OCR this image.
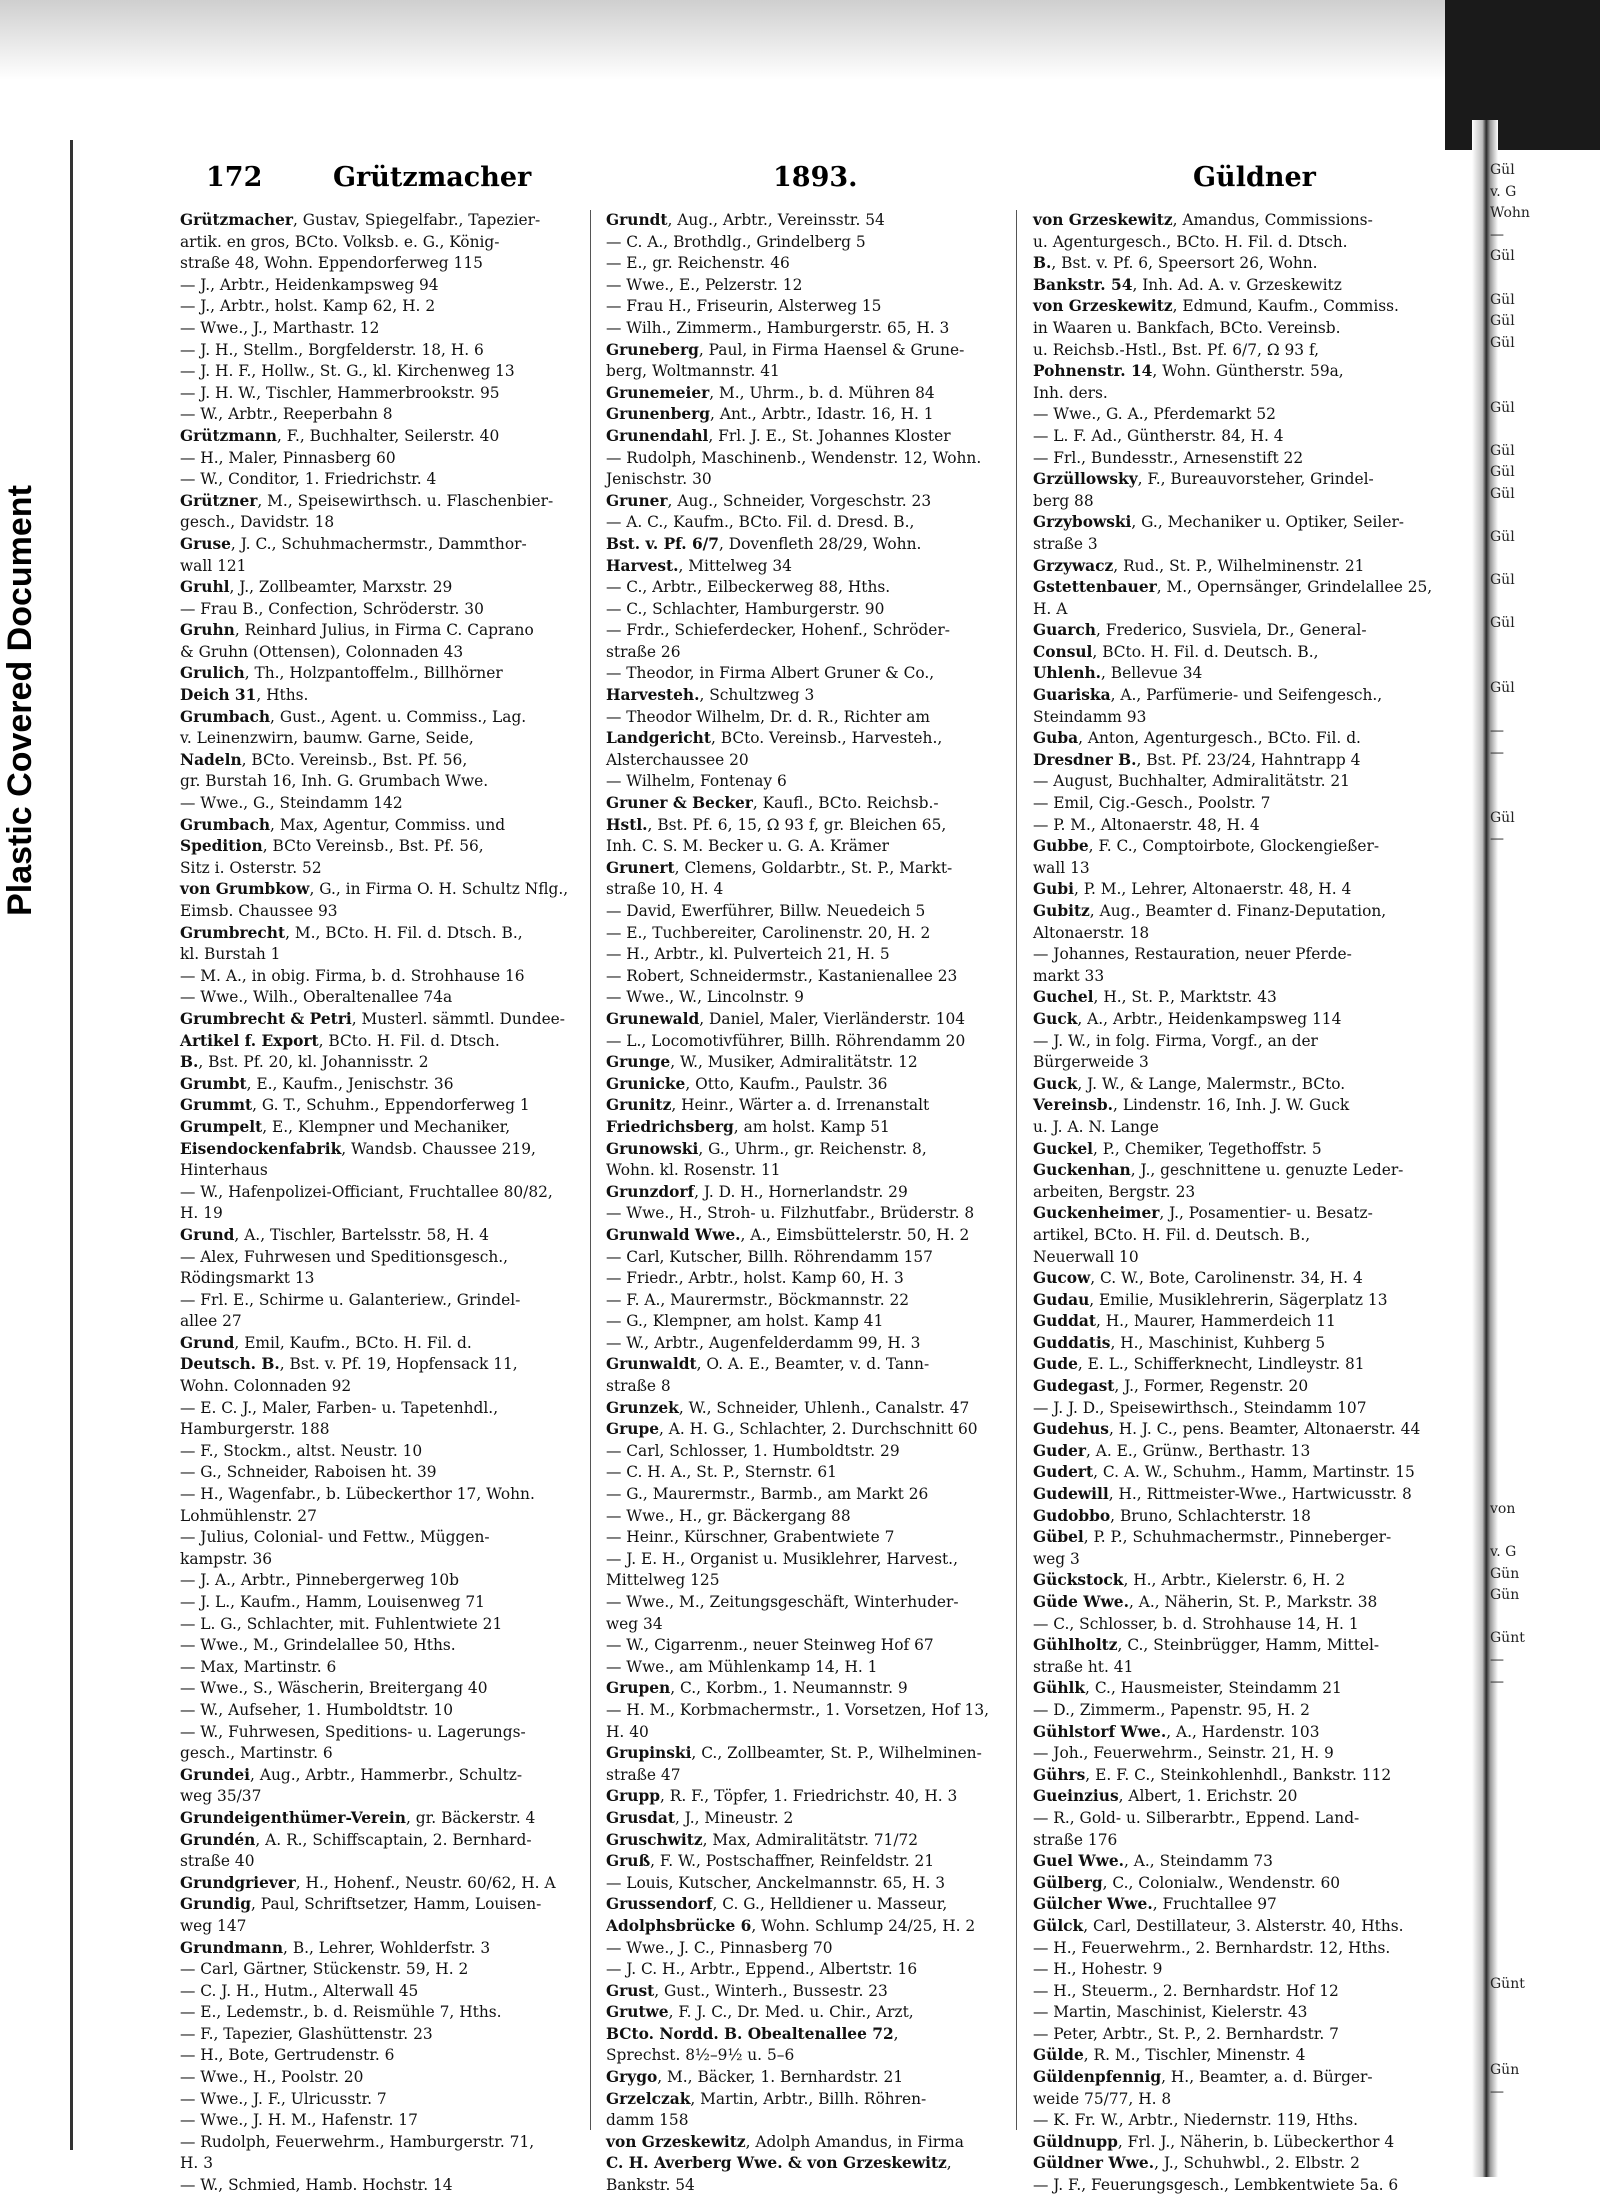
Plastic Covered Document
172	Grützmacher	1893.	Güldner
Grützmacher, Gustav, Spiegelfabr., Tapezier-
artik. en gros, BCto. Volksb. e. G., König-
straße 48, Wohn. Eppendorferweg 115
— J., Arbtr., Heidenkampsweg 94
— J., Arbtr., holst. Kamp 62, H. 2
— Wwe., J., Marthastr. 12
— J. H., Stellm., Borgfelderstr. 18, H. 6
— J. H. F., Hollw., St. G., kl. Kirchenweg 13
— J. H. W., Tischler, Hammerbrookstr. 95
— W., Arbtr., Reeperbahn 8
Grützmann, F., Buchhalter, Seilerstr. 40
— H., Maler, Pinnasberg 60
— W., Conditor, 1. Friedrichstr. 4
Grützner, M., Speisewirthsch. u. Flaschenbier-
gesch., Davidstr. 18
Gruse, J. C., Schuhmachermstr., Dammthor-
wall 121
Gruhl, J., Zollbeamter, Marxstr. 29
— Frau B., Confection, Schröderstr. 30
Gruhn, Reinhard Julius, in Firma C. Caprano
& Gruhn (Ottensen), Colonnaden 43
Grulich, Th., Holzpantoffelm., Billhörner
Deich 31, Hths.
Grumbach, Gust., Agent. u. Commiss., Lag.
v. Leinenzwirn, baumw. Garne, Seide,
Nadeln, BCto. Vereinsb., Bst. Pf. 56,
gr. Burstah 16, Inh. G. Grumbach Wwe.
— Wwe., G., Steindamm 142
Grumbach, Max, Agentur, Commiss. und
Spedition, BCto Vereinsb., Bst. Pf. 56,
Sitz i. Osterstr. 52
von Grumbkow, G., in Firma O. H. Schultz Nflg.,
Eimsb. Chaussee 93
Grumbrecht, M., BCto. H. Fil. d. Dtsch. B.,
kl. Burstah 1
— M. A., in obig. Firma, b. d. Strohhause 16
— Wwe., Wilh., Oberaltenallee 74a
Grumbrecht & Petri, Musterl. sämmtl. Dundee-
Artikel f. Export, BCto. H. Fil. d. Dtsch.
B., Bst. Pf. 20, kl. Johannisstr. 2
Grumbt, E., Kaufm., Jenischstr. 36
Grummt, G. T., Schuhm., Eppendorferweg 1
Grumpelt, E., Klempner und Mechaniker,
Eisendockenfabrik, Wandsb. Chaussee 219,
Hinterhaus
— W., Hafenpolizei-Officiant, Fruchtallee 80/82,
H. 19
Grund, A., Tischler, Bartelsstr. 58, H. 4
— Alex, Fuhrwesen und Speditionsgesch.,
Rödingsmarkt 13
— Frl. E., Schirme u. Galanteriew., Grindel-
allee 27
Grund, Emil, Kaufm., BCto. H. Fil. d.
Deutsch. B., Bst. v. Pf. 19, Hopfensack 11,
Wohn. Colonnaden 92
— E. C. J., Maler, Farben- u. Tapetenhdl.,
Hamburgerstr. 188
— F., Stockm., altst. Neustr. 10
— G., Schneider, Raboisen ht. 39
— H., Wagenfabr., b. Lübeckerthor 17, Wohn.
Lohmühlenstr. 27
— Julius, Colonial- und Fettw., Müggen-
kampstr. 36
— J. A., Arbtr., Pinnebergerweg 10b
— J. L., Kaufm., Hamm, Louisenweg 71
— L. G., Schlachter, mit. Fuhlentwiete 21
— Wwe., M., Grindelallee 50, Hths.
— Max, Martinstr. 6
— Wwe., S., Wäscherin, Breitergang 40
— W., Aufseher, 1. Humboldtstr. 10
— W., Fuhrwesen, Speditions- u. Lagerungs-
gesch., Martinstr. 6
Grundei, Aug., Arbtr., Hammerbr., Schultz-
weg 35/37
Grundeigenthümer-Verein, gr. Bäckerstr. 4
Grundén, A. R., Schiffscaptain, 2. Bernhard-
straße 40
Grundgriever, H., Hohenf., Neustr. 60/62, H. A
Grundig, Paul, Schriftsetzer, Hamm, Louisen-
weg 147
Grundmann, B., Lehrer, Wohlderfstr. 3
— Carl, Gärtner, Stückenstr. 59, H. 2
— C. J. H., Hutm., Alterwall 45
— E., Ledemstr., b. d. Reismühle 7, Hths.
— F., Tapezier, Glashüttenstr. 23
— H., Bote, Gertrudenstr. 6
— Wwe., H., Poolstr. 20
— Wwe., J. F., Ulricusstr. 7
— Wwe., J. H. M., Hafenstr. 17
— Rudolph, Feuerwehrm., Hamburgerstr. 71,
H. 3
— W., Schmied, Hamb. Hochstr. 14
Grundt, Aug., Arbtr., Vereinsstr. 54
— C. A., Brothdlg., Grindelberg 5
— E., gr. Reichenstr. 46
— Wwe., E., Pelzerstr. 12
— Frau H., Friseurin, Alsterweg 15
— Wilh., Zimmerm., Hamburgerstr. 65, H. 3
Gruneberg, Paul, in Firma Haensel & Grune-
berg, Woltmannstr. 41
Grunemeier, M., Uhrm., b. d. Mühren 84
Grunenberg, Ant., Arbtr., Idastr. 16, H. 1
Grunendahl, Frl. J. E., St. Johannes Kloster
— Rudolph, Maschinenb., Wendenstr. 12, Wohn.
Jenischstr. 30
Gruner, Aug., Schneider, Vorgeschstr. 23
— A. C., Kaufm., BCto. Fil. d. Dresd. B.,
Bst. v. Pf. 6/7, Dovenfleth 28/29, Wohn.
Harvest., Mittelweg 34
— C., Arbtr., Eilbeckerweg 88, Hths.
— C., Schlachter, Hamburgerstr. 90
— Frdr., Schieferdecker, Hohenf., Schröder-
straße 26
— Theodor, in Firma Albert Gruner & Co.,
Harvesteh., Schultzweg 3
— Theodor Wilhelm, Dr. d. R., Richter am
Landgericht, BCto. Vereinsb., Harvesteh.,
Alsterchaussee 20
— Wilhelm, Fontenay 6
Gruner & Becker, Kaufl., BCto. Reichsb.-
Hstl., Bst. Pf. 6, 15, Ω 93 f, gr. Bleichen 65,
Inh. C. S. M. Becker u. G. A. Krämer
Grunert, Clemens, Goldarbtr., St. P., Markt-
straße 10, H. 4
— David, Ewerführer, Billw. Neuedeich 5
— E., Tuchbereiter, Carolinenstr. 20, H. 2
— H., Arbtr., kl. Pulverteich 21, H. 5
— Robert, Schneidermstr., Kastanienallee 23
— Wwe., W., Lincolnstr. 9
Grunewald, Daniel, Maler, Vierländerstr. 104
— L., Locomotivführer, Billh. Röhrendamm 20
Grunge, W., Musiker, Admiralitätstr. 12
Grunicke, Otto, Kaufm., Paulstr. 36
Grunitz, Heinr., Wärter a. d. Irrenanstalt
Friedrichsberg, am holst. Kamp 51
Grunowski, G., Uhrm., gr. Reichenstr. 8,
Wohn. kl. Rosenstr. 11
Grunzdorf, J. D. H., Hornerlandstr. 29
— Wwe., H., Stroh- u. Filzhutfabr., Brüderstr. 8
Grunwald Wwe., A., Eimsbüttelerstr. 50, H. 2
— Carl, Kutscher, Billh. Röhrendamm 157
— Friedr., Arbtr., holst. Kamp 60, H. 3
— F. A., Maurermstr., Böckmannstr. 22
— G., Klempner, am holst. Kamp 41
— W., Arbtr., Augenfelderdamm 99, H. 3
Grunwaldt, O. A. E., Beamter, v. d. Tann-
straße 8
Grunzek, W., Schneider, Uhlenh., Canalstr. 47
Grupe, A. H. G., Schlachter, 2. Durchschnitt 60
— Carl, Schlosser, 1. Humboldtstr. 29
— C. H. A., St. P., Sternstr. 61
— G., Maurermstr., Barmb., am Markt 26
— Wwe., H., gr. Bäckergang 88
— Heinr., Kürschner, Grabentwiete 7
— J. E. H., Organist u. Musiklehrer, Harvest.,
Mittelweg 125
— Wwe., M., Zeitungsgeschäft, Winterhuder-
weg 34
— W., Cigarrenm., neuer Steinweg Hof 67
— Wwe., am Mühlenkamp 14, H. 1
Grupen, C., Korbm., 1. Neumannstr. 9
— H. M., Korbmachermstr., 1. Vorsetzen, Hof 13,
H. 40
Grupinski, C., Zollbeamter, St. P., Wilhelminen-
straße 47
Grupp, R. F., Töpfer, 1. Friedrichstr. 40, H. 3
Grusdat, J., Mineustr. 2
Gruschwitz, Max, Admiralitätstr. 71/72
Gruß, F. W., Postschaffner, Reinfeldstr. 21
— Louis, Kutscher, Anckelmannstr. 65, H. 3
Grussendorf, C. G., Helldiener u. Masseur,
Adolphsbrücke 6, Wohn. Schlump 24/25, H. 2
— Wwe., J. C., Pinnasberg 70
— J. C. H., Arbtr., Eppend., Albertstr. 16
Grust, Gust., Winterh., Bussestr. 23
Grutwe, F. J. C., Dr. Med. u. Chir., Arzt,
BCto. Nordd. B. Obealtenallee 72,
Sprechst. 8½–9½ u. 5–6
Grygo, M., Bäcker, 1. Bernhardstr. 21
Grzelczak, Martin, Arbtr., Billh. Röhren-
damm 158
von Grzeskewitz, Adolph Amandus, in Firma
C. H. Averberg Wwe. & von Grzeskewitz,
Bankstr. 54
von Grzeskewitz, Amandus, Commissions-
u. Agenturgesch., BCto. H. Fil. d. Dtsch.
B., Bst. v. Pf. 6, Speersort 26, Wohn.
Bankstr. 54, Inh. Ad. A. v. Grzeskewitz
von Grzeskewitz, Edmund, Kaufm., Commiss.
in Waaren u. Bankfach, BCto. Vereinsb.
u. Reichsb.-Hstl., Bst. Pf. 6/7, Ω 93 f,
Pohnenstr. 14, Wohn. Güntherstr. 59a,
Inh. ders.
— Wwe., G. A., Pferdemarkt 52
— L. F. Ad., Güntherstr. 84, H. 4
— Frl., Bundesstr., Arnesenstift 22
Grzüllowsky, F., Bureauvorsteher, Grindel-
berg 88
Grzybowski, G., Mechaniker u. Optiker, Seiler-
straße 3
Grzywacz, Rud., St. P., Wilhelminenstr. 21
Gstettenbauer, M., Opernsänger, Grindelallee 25,
H. A
Guarch, Frederico, Susviela, Dr., General-
Consul, BCto. H. Fil. d. Deutsch. B.,
Uhlenh., Bellevue 34
Guariska, A., Parfümerie- und Seifengesch.,
Steindamm 93
Guba, Anton, Agenturgesch., BCto. Fil. d.
Dresdner B., Bst. Pf. 23/24, Hahntrapp 4
— August, Buchhalter, Admiralitätstr. 21
— Emil, Cig.-Gesch., Poolstr. 7
— P. M., Altonaerstr. 48, H. 4
Gubbe, F. C., Comptoirbote, Glockengießer-
wall 13
Gubi, P. M., Lehrer, Altonaerstr. 48, H. 4
Gubitz, Aug., Beamter d. Finanz-Deputation,
Altonaerstr. 18
— Johannes, Restauration, neuer Pferde-
markt 33
Guchel, H., St. P., Marktstr. 43
Guck, A., Arbtr., Heidenkampsweg 114
— J. W., in folg. Firma, Vorgf., an der
Bürgerweide 3
Guck, J. W., & Lange, Malermstr., BCto.
Vereinsb., Lindenstr. 16, Inh. J. W. Guck
u. J. A. N. Lange
Guckel, P., Chemiker, Tegethoffstr. 5
Guckenhan, J., geschnittene u. genuzte Leder-
arbeiten, Bergstr. 23
Guckenheimer, J., Posamentier- u. Besatz-
artikel, BCto. H. Fil. d. Deutsch. B.,
Neuerwall 10
Gucow, C. W., Bote, Carolinenstr. 34, H. 4
Gudau, Emilie, Musiklehrerin, Sägerplatz 13
Guddat, H., Maurer, Hammerdeich 11
Guddatis, H., Maschinist, Kuhberg 5
Gude, E. L., Schifferknecht, Lindleystr. 81
Gudegast, J., Former, Regenstr. 20
— J. J. D., Speisewirthsch., Steindamm 107
Gudehus, H. J. C., pens. Beamter, Altonaerstr. 44
Guder, A. E., Grünw., Berthastr. 13
Gudert, C. A. W., Schuhm., Hamm, Martinstr. 15
Gudewill, H., Rittmeister-Wwe., Hartwicusstr. 8
Gudobbo, Bruno, Schlachterstr. 18
Gübel, P. P., Schuhmachermstr., Pinneberger-
weg 3
Gückstock, H., Arbtr., Kielerstr. 6, H. 2
Güde Wwe., A., Näherin, St. P., Markstr. 38
— C., Schlosser, b. d. Strohhause 14, H. 1
Gühlholtz, C., Steinbrügger, Hamm, Mittel-
straße ht. 41
Gühlk, C., Hausmeister, Steindamm 21
— D., Zimmerm., Papenstr. 95, H. 2
Gühlstorf Wwe., A., Hardenstr. 103
— Joh., Feuerwehrm., Seinstr. 21, H. 9
Gührs, E. F. C., Steinkohlenhdl., Bankstr. 112
Gueinzius, Albert, 1. Erichstr. 20
— R., Gold- u. Silberarbtr., Eppend. Land-
straße 176
Guel Wwe., A., Steindamm 73
Gülberg, C., Colonialw., Wendenstr. 60
Gülcher Wwe., Fruchtallee 97
Gülck, Carl, Destillateur, 3. Alsterstr. 40, Hths.
— H., Feuerwehrm., 2. Bernhardstr. 12, Hths.
— H., Hohestr. 9
— H., Steuerm., 2. Bernhardstr. Hof 12
— Martin, Maschinist, Kielerstr. 43
— Peter, Arbtr., St. P., 2. Bernhardstr. 7
Gülde, R. M., Tischler, Minenstr. 4
Güldenpfennig, H., Beamter, a. d. Bürger-
weide 75/77, H. 8
— K. Fr. W., Arbtr., Niedernstr. 119, Hths.
Güldnupp, Frl. J., Näherin, b. Lübeckerthor 4
Güldner Wwe., J., Schuhwbl., 2. Elbstr. 2
— J. F., Feuerungsgesch., Lembkentwiete 5a. 6
Gül
v. G
Wohn
—
Gül

Gül
Gül
Gül

Gül

Gül
Gül
Gül

Gül

Gül

Gül

Gül

—
—

Gül
—

von

v. G
Gün
Gün

Günt
—
—

Günt

Gün
—
